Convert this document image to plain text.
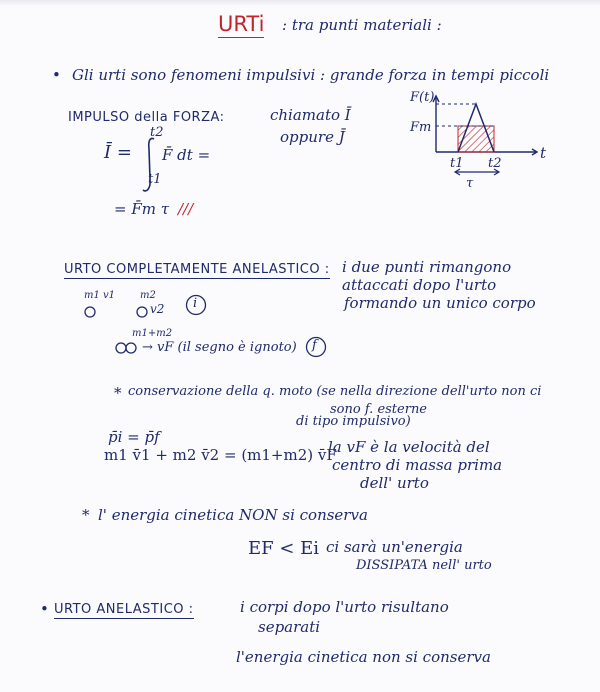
URTi : tra punti materiali :
• Gli urti sono fenomeni impulsivi : grande forza in tempi piccoli
IMPULSO della FORZA:	chiamato Ī
oppure J̄
Ī =
t2
t1
F̄ dt =
= F̄m τ ///
F(t)
Fm
t
t1 t2
τ
URTO COMPLETAMENTE ANELASTICO : i due punti rimangono
attaccati dopo l'urto
formando un unico corpo
m1 v1 m2
v2 i
m1+m2
→ vF (il segno è ignoto) f
* conservazione della q. moto (se nella direzione dell'urto non ci
sono f. esterne
di tipo impulsivo)
p̄i = p̄f
m1 v̄1 + m2 v̄2 = (m1+m2) v̄F
la vF è la velocità del
centro di massa prima
dell' urto
* l' energia cinetica NON si conserva
EF < Ei ci sarà un'energia
DISSIPATA nell' urto
• URTO ANELASTICO :	i corpi dopo l'urto risultano
separati
l'energia cinetica non si conserva
